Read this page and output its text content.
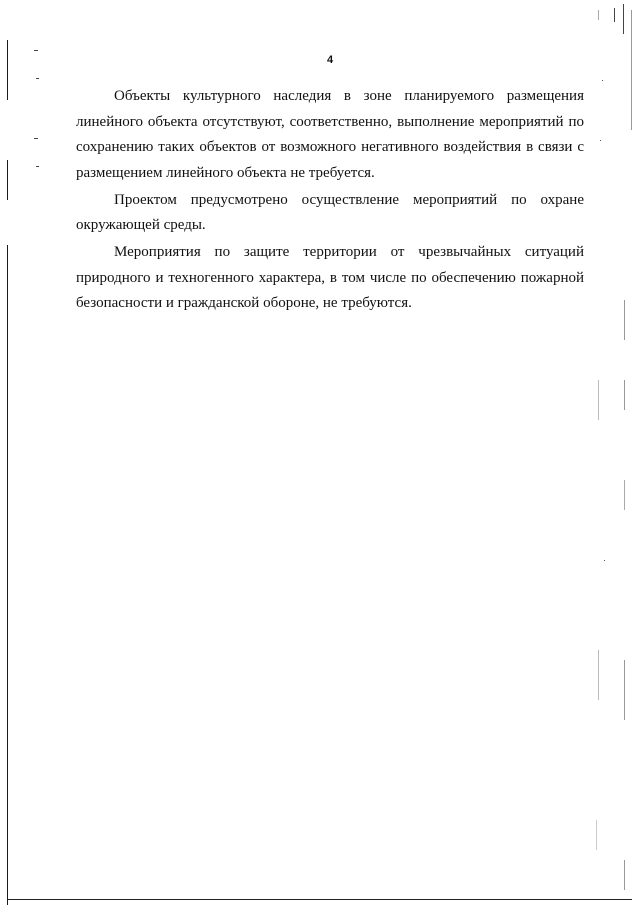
4

Объекты культурного наследия в зоне планируемого размещения линейного объекта отсутствуют, соответственно, выполнение мероприятий по сохранению таких объектов от возможного негативного воздействия в связи с размещением линейного объекта не требуется.

Проектом предусмотрено осуществление мероприятий по охране окружающей среды.

Мероприятия по защите территории от чрезвычайных ситуаций природного и техногенного характера, в том числе по обеспечению пожарной безопасности и гражданской обороне, не требуются.
